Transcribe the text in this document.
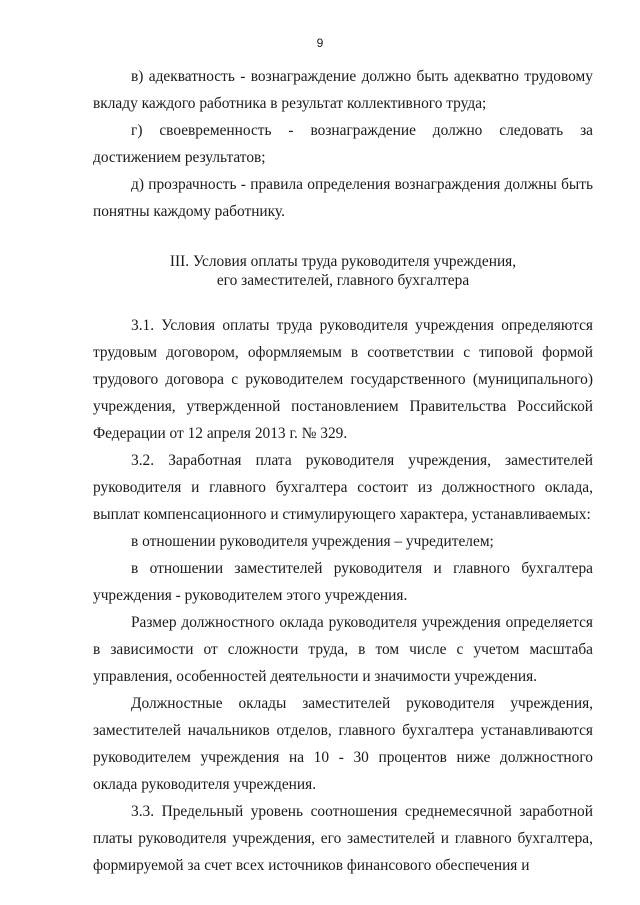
9

в) адекватность - вознаграждение должно быть адекватно трудовому вкладу каждого работника в результат коллективного труда;

г) своевременность - вознаграждение должно следовать за достижением результатов;

д) прозрачность - правила определения вознаграждения должны быть понятны каждому работнику.

III. Условия оплаты труда руководителя учреждения,
его заместителей, главного бухгалтера

3.1. Условия оплаты труда руководителя учреждения определяются трудовым договором, оформляемым в соответствии с типовой формой трудового договора с руководителем государственного (муниципального) учреждения, утвержденной постановлением Правительства Российской Федерации от 12 апреля 2013 г. № 329.

3.2. Заработная плата руководителя учреждения, заместителей руководителя и главного бухгалтера состоит из должностного оклада, выплат компенсационного и стимулирующего характера, устанавливаемых:

в отношении руководителя учреждения – учредителем;

в отношении заместителей руководителя и главного бухгалтера учреждения - руководителем этого учреждения.

Размер должностного оклада руководителя учреждения определяется в зависимости от сложности труда, в том числе с учетом масштаба управления, особенностей деятельности и значимости учреждения.

Должностные оклады заместителей руководителя учреждения, заместителей начальников отделов, главного бухгалтера устанавливаются руководителем учреждения на 10 - 30 процентов ниже должностного оклада руководителя учреждения.

3.3. Предельный уровень соотношения среднемесячной заработной платы руководителя учреждения, его заместителей и главного бухгалтера, формируемой за счет всех источников финансового обеспечения и
